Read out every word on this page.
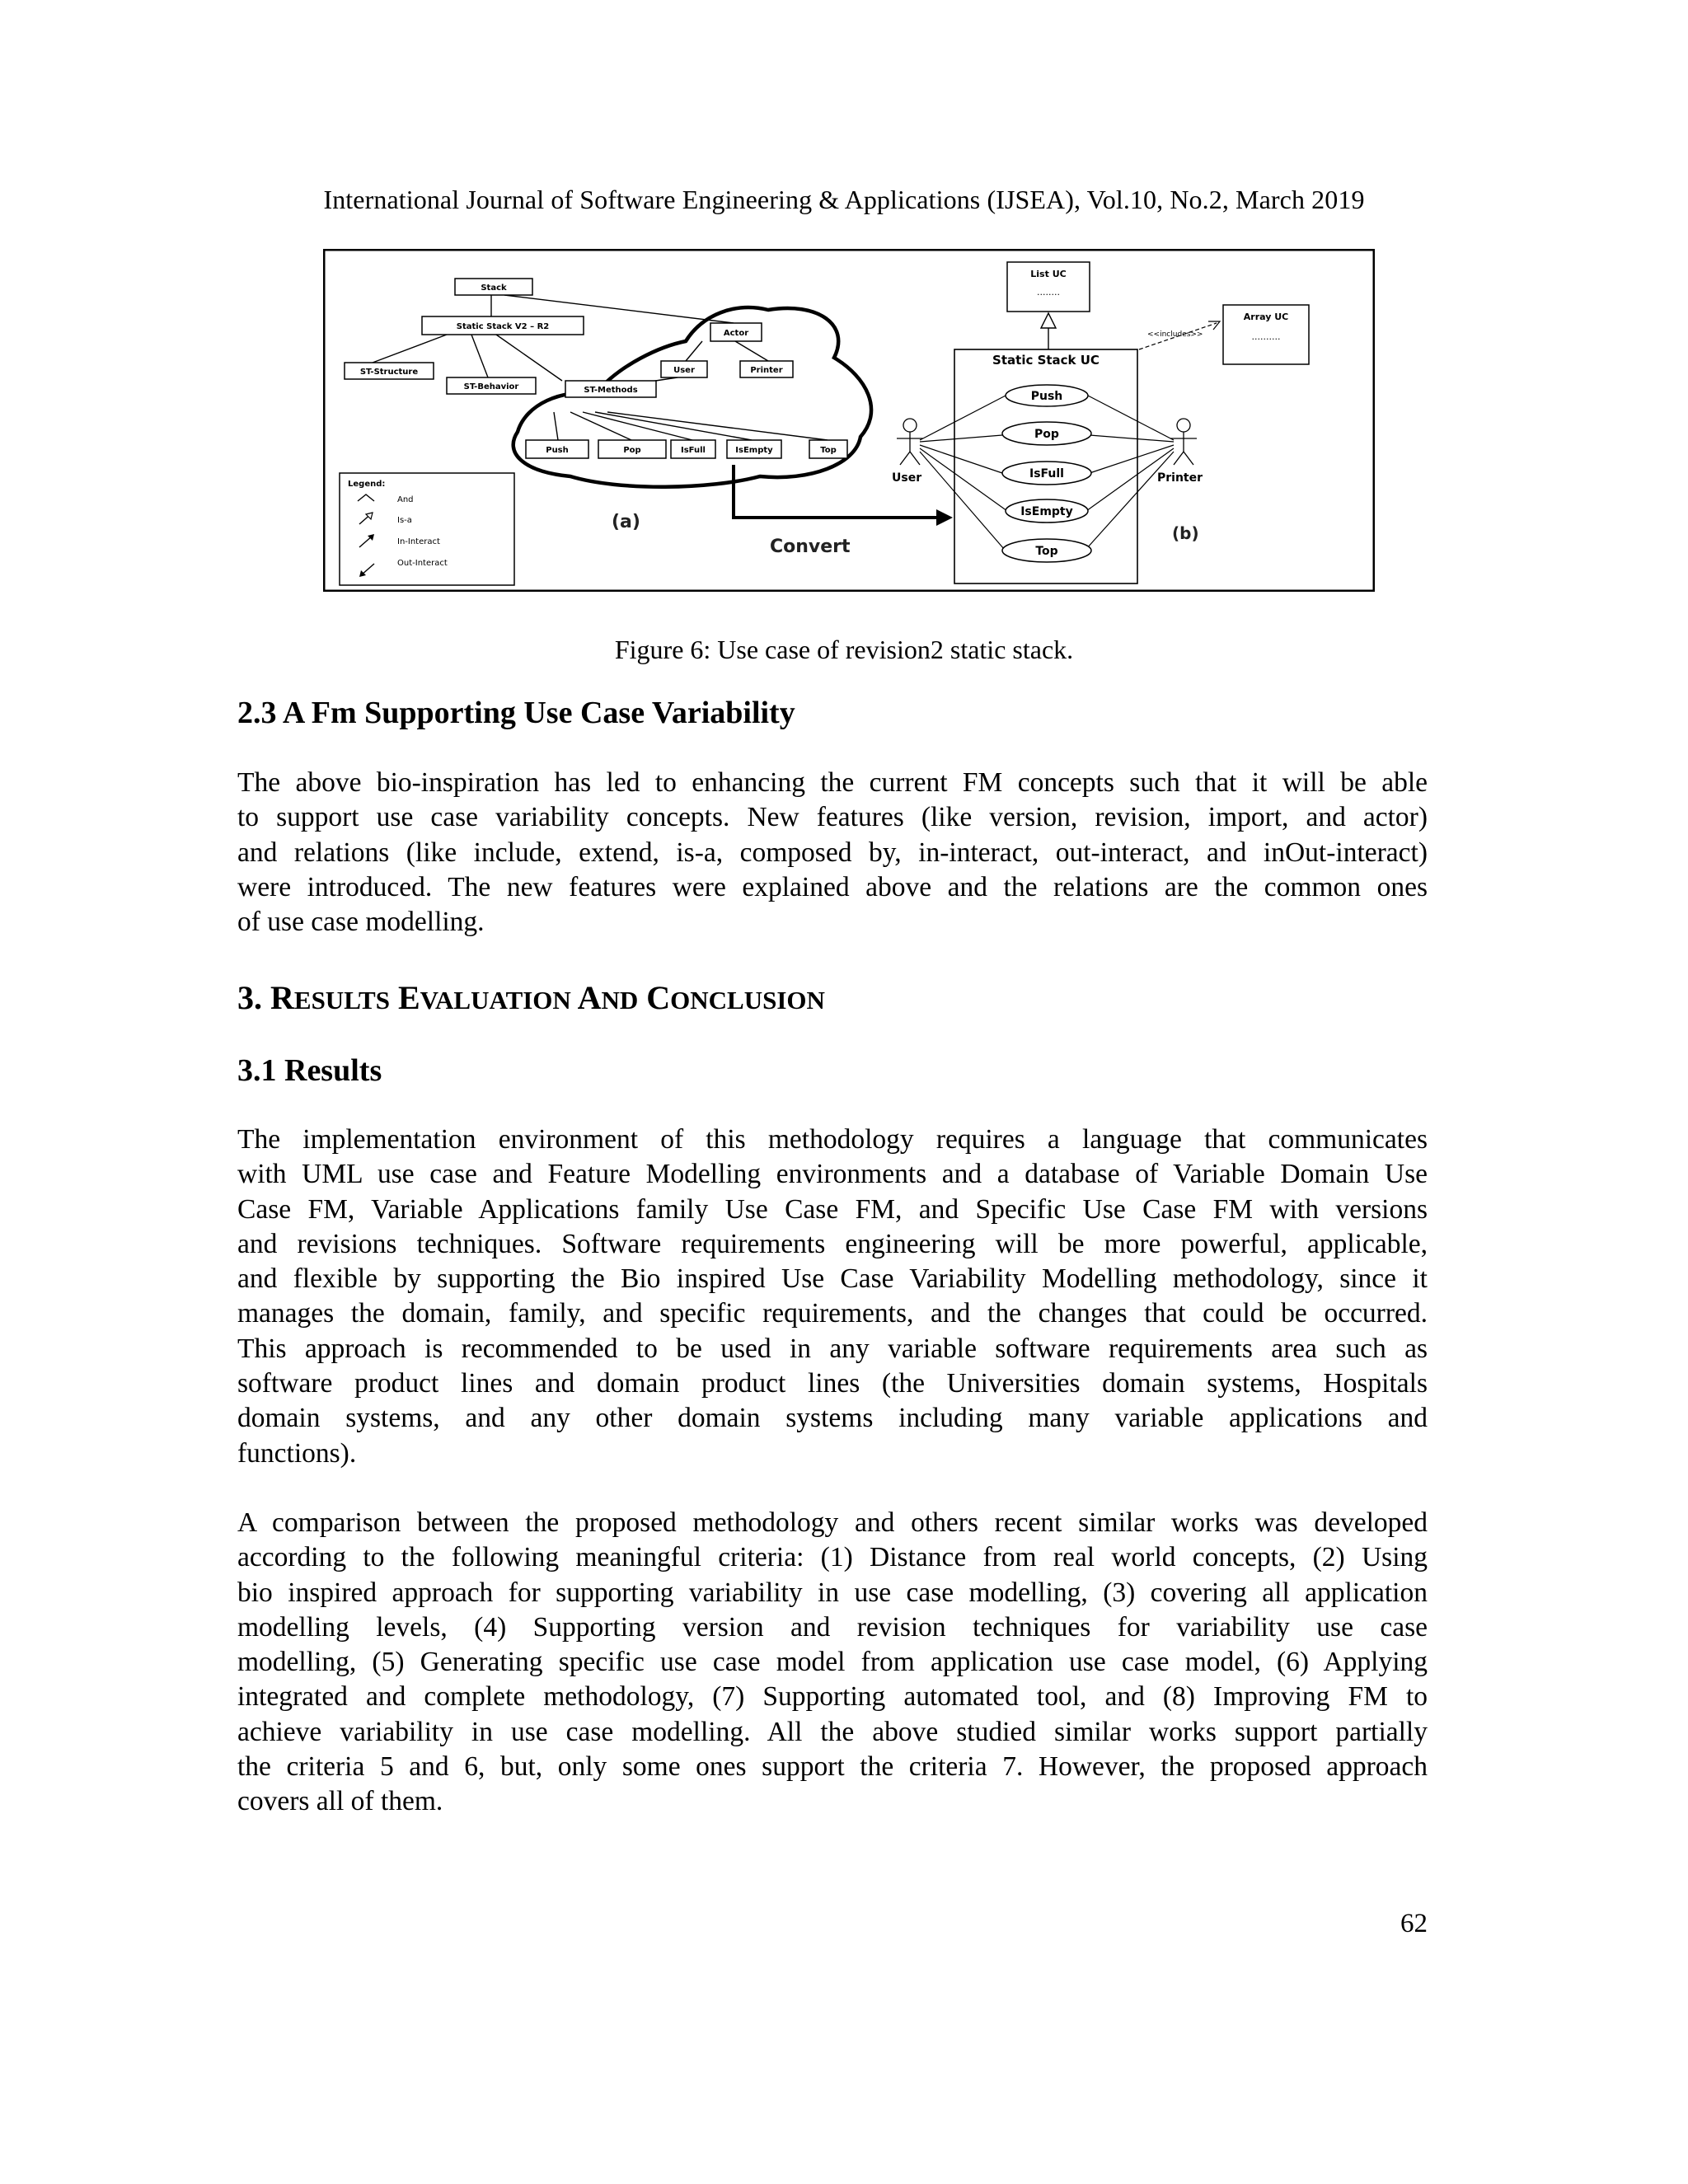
International Journal of Software Engineering & Applications (IJSEA), Vol.10, No.2, March 2019
Stack
Static Stack V2 – R2
ST-Structure
ST-Behavior
Actor
User	Printer
ST-Methods
Push	Pop	IsFull	IsEmpty	Top
Legend:
And
Is-a
In-Interact
Out-Interact
(a)
Convert
List UC
........
Array UC
..........
<<includes>>
Static Stack UC
User	Printer
Push
Pop
IsFull
IsEmpty
Top
(b)
Figure 6: Use case of revision2 static stack.
2.3 A Fm Supporting Use Case Variability
The above bio-inspiration has led to enhancing the current FM concepts such that it will be able
to support use case variability concepts. New features (like version, revision, import, and actor)
and relations (like include, extend, is-a, composed by, in-interact, out-interact, and inOut-interact)
were introduced. The new features were explained above and the relations are the common ones
of use case modelling.
3. RESULTS EVALUATION AND CONCLUSION
3.1 Results
The implementation environment of this methodology requires a language that communicates
with UML use case and Feature Modelling environments and a database of Variable Domain Use
Case FM, Variable Applications family Use Case FM, and Specific Use Case FM with versions
and revisions techniques. Software requirements engineering will be more powerful, applicable,
and flexible by supporting the Bio inspired Use Case Variability Modelling methodology, since it
manages the domain, family, and specific requirements, and the changes that could be occurred.
This approach is recommended to be used in any variable software requirements area such as
software product lines and domain product lines (the Universities domain systems, Hospitals
domain systems, and any other domain systems including many variable applications and
functions).
A comparison between the proposed methodology and others recent similar works was developed
according to the following meaningful criteria: (1) Distance from real world concepts, (2) Using
bio inspired approach for supporting variability in use case modelling, (3) covering all application
modelling levels, (4) Supporting version and revision techniques for variability use case
modelling, (5) Generating specific use case model from application use case model, (6) Applying
integrated and complete methodology, (7) Supporting automated tool, and (8) Improving FM to
achieve variability in use case modelling. All the above studied similar works support partially
the criteria 5 and 6, but, only some ones support the criteria 7. However, the proposed approach
covers all of them.
62
